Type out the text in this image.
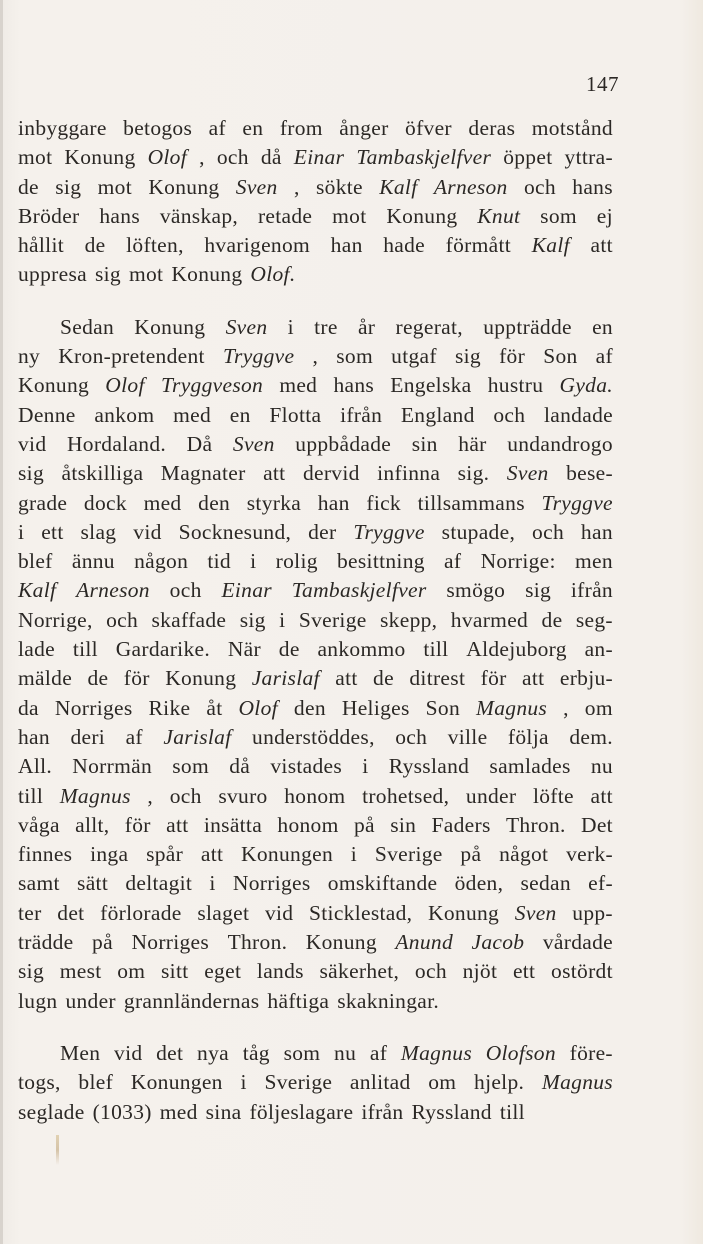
147
inbyggare betogos af en from ånger öfver deras motstånd
mot Konung Olof , och då Einar Tambaskjelfver öppet yttra-
de sig mot Konung Sven , sökte Kalf Arneson och hans
Bröder hans vänskap, retade mot Konung Knut som ej
hållit de löften, hvarigenom han hade förmått Kalf att
uppresa sig mot Konung Olof.
Sedan Konung Sven i tre år regerat, uppträdde en
ny Kron-pretendent Tryggve , som utgaf sig för Son af
Konung Olof Tryggveson med hans Engelska hustru Gyda.
Denne ankom med en Flotta ifrån England och landade
vid Hordaland. Då Sven uppbådade sin här undandrogo
sig åtskilliga Magnater att dervid infinna sig. Sven bese-
grade dock med den styrka han fick tillsammans Tryggve
i ett slag vid Socknesund, der Tryggve stupade, och han
blef ännu någon tid i rolig besittning af Norrige: men
Kalf Arneson och Einar Tambaskjelfver smögo sig ifrån
Norrige, och skaffade sig i Sverige skepp, hvarmed de seg-
lade till Gardarike. När de ankommo till Aldejuborg an-
mälde de för Konung Jarislaf att de ditrest för att erbju-
da Norriges Rike åt Olof den Heliges Son Magnus , om
han deri af Jarislaf understöddes, och ville följa dem.
All. Norrmän som då vistades i Ryssland samlades nu
till Magnus , och svuro honom trohetsed, under löfte att
våga allt, för att insätta honom på sin Faders Thron. Det
finnes inga spår att Konungen i Sverige på något verk-
samt sätt deltagit i Norriges omskiftande öden, sedan ef-
ter det förlorade slaget vid Sticklestad, Konung Sven upp-
trädde på Norriges Thron. Konung Anund Jacob vårdade
sig mest om sitt eget lands säkerhet, och njöt ett ostördt
lugn under grannländernas häftiga skakningar.
Men vid det nya tåg som nu af Magnus Olofson före-
togs, blef Konungen i Sverige anlitad om hjelp. Magnus
seglade (1033) med sina följeslagare ifrån Ryssland till
